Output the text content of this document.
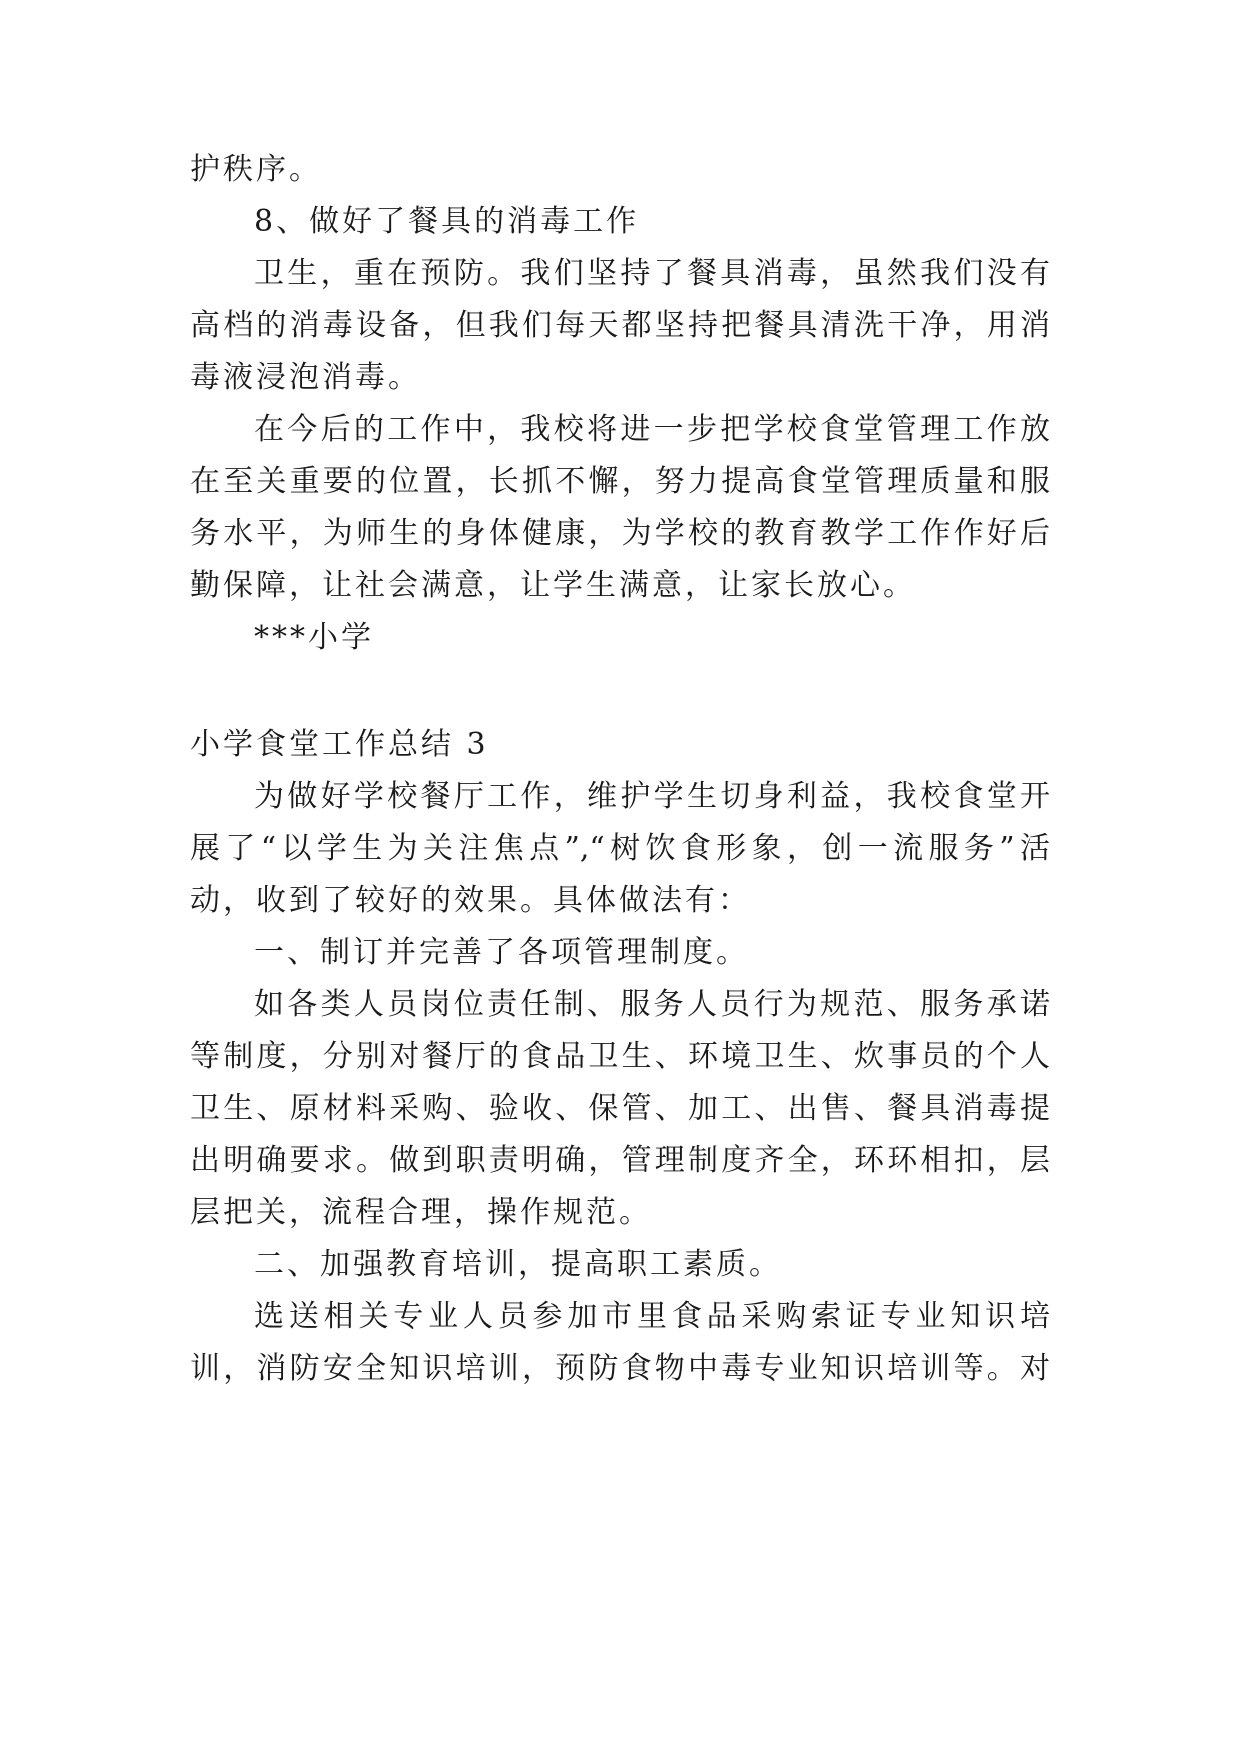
护秩序。
8、做好了餐具的消毒工作
卫生，重在预防。我们坚持了餐具消毒，虽然我们没有
高档的消毒设备，但我们每天都坚持把餐具清洗干净，用消
毒液浸泡消毒。
在今后的工作中，我校将进一步把学校食堂管理工作放
在至关重要的位置，长抓不懈，努力提高食堂管理质量和服
务水平，为师生的身体健康，为学校的教育教学工作作好后
勤保障，让社会满意，让学生满意，让家长放心。
***小学
小学食堂工作总结 3
为做好学校餐厅工作，维护学生切身利益，我校食堂开
展了“以学生为关注焦点”,“树饮食形象，创一流服务”活
动，收到了较好的效果。具体做法有：
一、制订并完善了各项管理制度。
如各类人员岗位责任制、服务人员行为规范、服务承诺
等制度，分别对餐厅的食品卫生、环境卫生、炊事员的个人
卫生、原材料采购、验收、保管、加工、出售、餐具消毒提
出明确要求。做到职责明确，管理制度齐全，环环相扣，层
层把关，流程合理，操作规范。
二、加强教育培训，提高职工素质。
选送相关专业人员参加市里食品采购索证专业知识培
训，消防安全知识培训，预防食物中毒专业知识培训等。对
